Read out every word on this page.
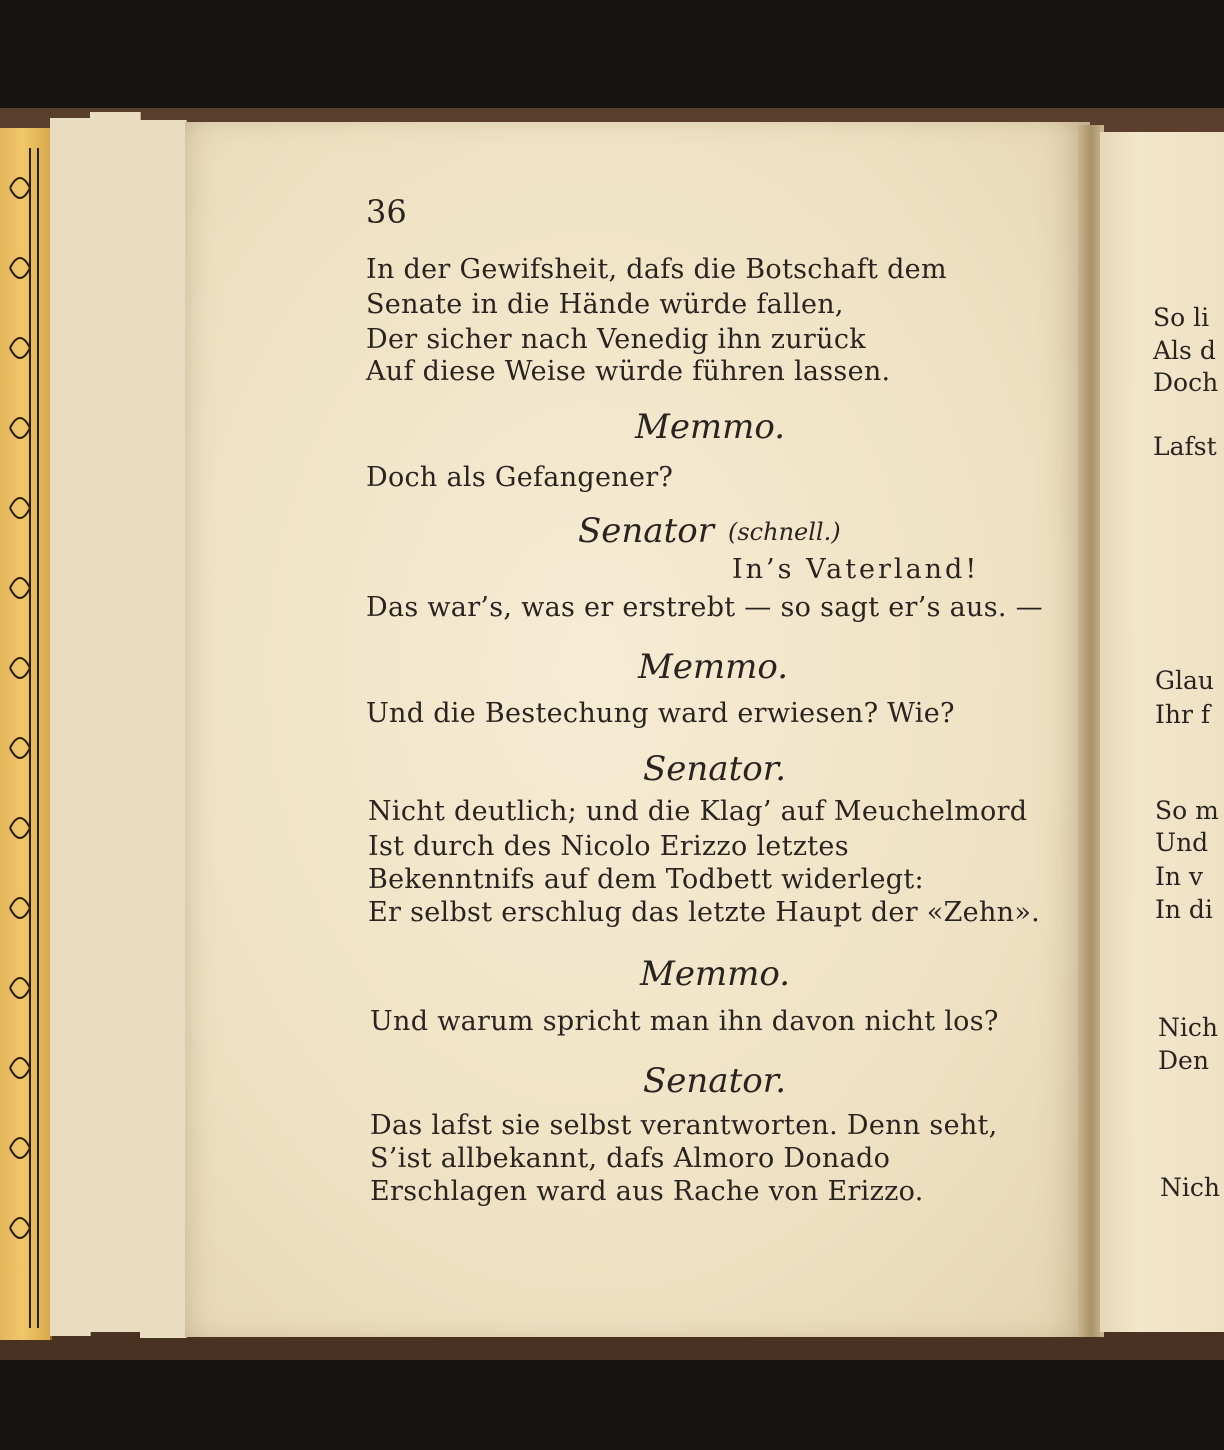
36
In der Gewifsheit, dafs die Botschaft dem
Senate in die Hände würde fallen,
Der sicher nach Venedig ihn zurück
Auf diese Weise würde führen lassen.
Memmo.
Doch als Gefangener?
Senator (schnell.)
In’s Vaterland!
Das war’s, was er erstrebt — so sagt er’s aus. —
Memmo.
Und die Bestechung ward erwiesen? Wie?
Senator.
Nicht deutlich; und die Klag’ auf Meuchelmord
Ist durch des Nicolo Erizzo letztes
Bekenntnifs auf dem Todbett widerlegt:
Er selbst erschlug das letzte Haupt der «Zehn».
Memmo.
Und warum spricht man ihn davon nicht los?
Senator.
Das lafst sie selbst verantworten. Denn seht,
S’ist allbekannt, dafs Almoro Donado
Erschlagen ward aus Rache von Erizzo.
So li
Als d
Doch
Lafst
Glau
Ihr f
So m
Und
In v
In di
Nich
Den
Nich
